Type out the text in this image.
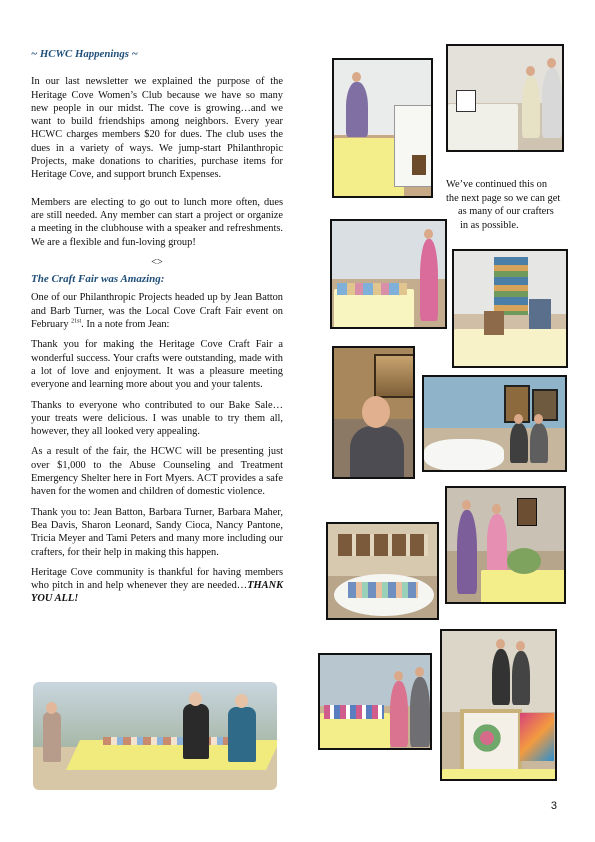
~ HCWC Happenings ~

In our last newsletter we explained the purpose of the Heritage Cove Women’s Club because we have so many new people in our midst. The cove is growing…and we want to build friendships among neighbors. Every year HCWC charges members $20 for dues. The club uses the dues in a variety of ways. We jump-start Philanthropic Projects, make donations to charities, purchase items for Heritage Cove, and support brunch Expenses.

Members are electing to go out to lunch more often, dues are still needed. Any member can start a project or organize a meeting in the clubhouse with a speaker and refreshments. We are a flexible and fun-loving group!

<>

The Craft Fair was Amazing:

One of our Philanthropic Projects headed up by Jean Batton and Barb Turner, was the Local Cove Craft Fair event on February $^{21st}$. In a note from Jean:

Thank you for making the Heritage Cove Craft Fair a wonderful success. Your crafts were outstanding, made with a lot of love and enjoyment. It was a pleasure meeting everyone and learning more about you and your talents.

Thanks to everyone who contributed to our Bake Sale… your treats were delicious. I was unable to try them all, however, they all looked very appealing.

As a result of the fair, the HCWC will be presenting just over $1,000 to the Abuse Counseling and Treatment Emergency Shelter here in Fort Myers. ACT provides a safe haven for the women and children of domestic violence.

Thank you to: Jean Batton, Barbara Turner, Barbara Maher, Bea Davis, Sharon Leonard, Sandy Cioca, Nancy Pantone, Tricia Meyer and Tami Peters and many more including our crafters, for their help in making this happen.

Heritage Cove community is thankful for having members who pitch in and help whenever they are needed…THANK YOU ALL!

We’ve continued this on
the next page so we can get
as many of our crafters
in as possible.
3
